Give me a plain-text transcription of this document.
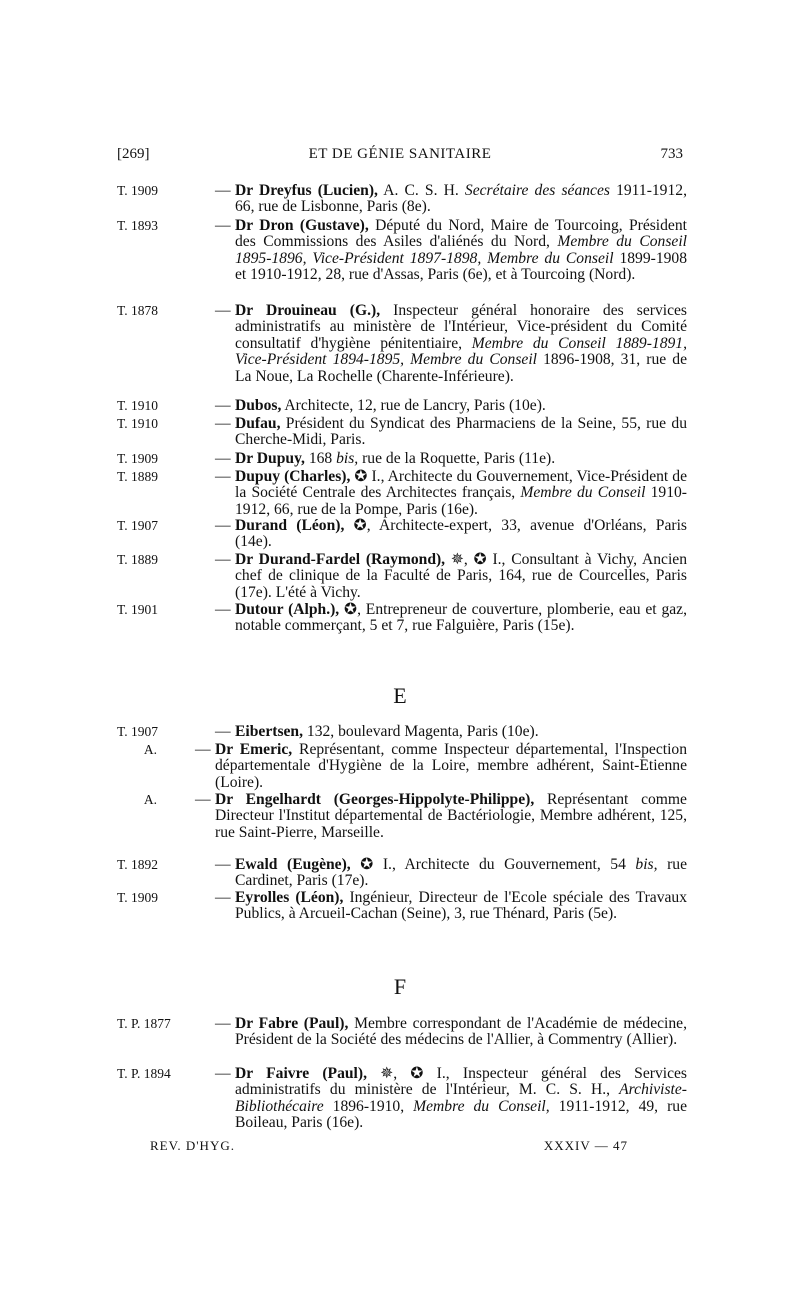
[269]	ET DE GÉNIE SANITAIRE	733
T. 1909	— Dr Dreyfus (Lucien), A. C. S. H. Secrétaire des séances 1911-1912, 66, rue de Lisbonne, Paris (8e).
T. 1893	— Dr Dron (Gustave), Député du Nord, Maire de Tourcoing, Président des Commissions des Asiles d'aliénés du Nord, Membre du Conseil 1895-1896, Vice-Président 1897-1898, Membre du Conseil 1899-1908 et 1910-1912, 28, rue d'Assas, Paris (6e), et à Tourcoing (Nord).
T. 1878	— Dr Drouineau (G.), Inspecteur général honoraire des services administratifs au ministère de l'Intérieur, Vice-président du Comité consultatif d'hygiène pénitentiaire, Membre du Conseil 1889-1891, Vice-Président 1894-1895, Membre du Conseil 1896-1908, 31, rue de La Noue, La Rochelle (Charente-Inférieure).
T. 1910	— Dubos, Architecte, 12, rue de Lancry, Paris (10e).
T. 1910	— Dufau, Président du Syndicat des Pharmaciens de la Seine, 55, rue du Cherche-Midi, Paris.
T. 1909	— Dr Dupuy, 168 bis, rue de la Roquette, Paris (11e).
T. 1889	— Dupuy (Charles), ✪ I., Architecte du Gouvernement, Vice-Président de la Société Centrale des Architectes français, Membre du Conseil 1910-1912, 66, rue de la Pompe, Paris (16e).
T. 1907	— Durand (Léon), ✪, Architecte-expert, 33, avenue d'Orléans, Paris (14e).
T. 1889	— Dr Durand-Fardel (Raymond), ✵, ✪ I., Consultant à Vichy, Ancien chef de clinique de la Faculté de Paris, 164, rue de Courcelles, Paris (17e). L'été à Vichy.
T. 1901	— Dutour (Alph.), ✪, Entrepreneur de couverture, plomberie, eau et gaz, notable commerçant, 5 et 7, rue Falguière, Paris (15e).
E
T. 1907	— Eibertsen, 132, boulevard Magenta, Paris (10e).
A.	— Dr Emeric, Représentant, comme Inspecteur départemental, l'Inspection départementale d'Hygiène de la Loire, membre adhérent, Saint-Etienne (Loire).
A.	— Dr Engelhardt (Georges-Hippolyte-Philippe), Représentant comme Directeur l'Institut départemental de Bactériologie, Membre adhérent, 125, rue Saint-Pierre, Marseille.
T. 1892	— Ewald (Eugène), ✪ I., Architecte du Gouvernement, 54 bis, rue Cardinet, Paris (17e).
T. 1909	— Eyrolles (Léon), Ingénieur, Directeur de l'Ecole spéciale des Travaux Publics, à Arcueil-Cachan (Seine), 3, rue Thénard, Paris (5e).
F
T. P. 1877	— Dr Fabre (Paul), Membre correspondant de l'Académie de médecine, Président de la Société des médecins de l'Allier, à Commentry (Allier).
T. P. 1894	— Dr Faivre (Paul), ✵, ✪ I., Inspecteur général des Services administratifs du ministère de l'Intérieur, M. C. S. H., Archiviste-Bibliothécaire 1896-1910, Membre du Conseil, 1911-1912, 49, rue Boileau, Paris (16e).
REV. D'HYG.	XXXIV — 47
